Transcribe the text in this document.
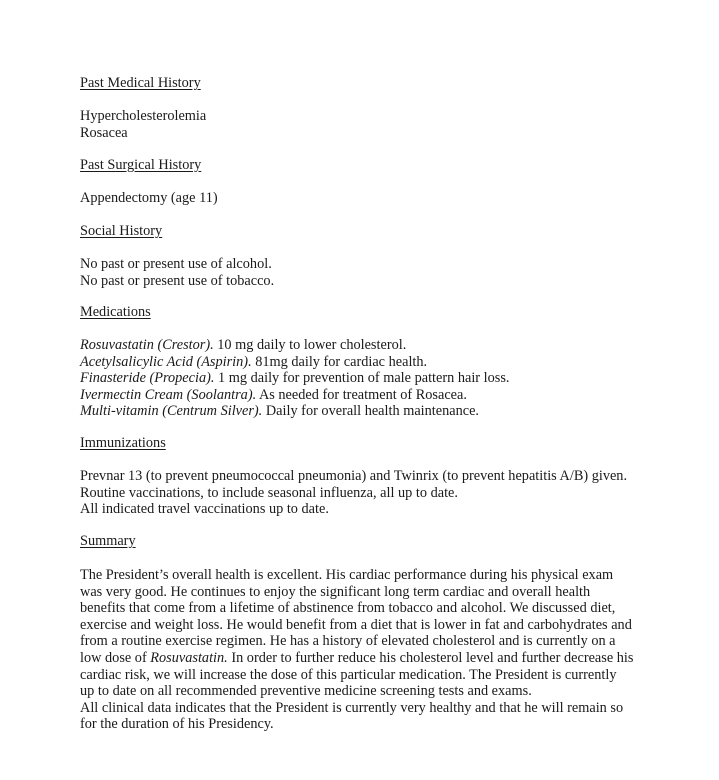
Past Medical History
Hypercholesterolemia
Rosacea
Past Surgical History
Appendectomy (age 11)
Social History
No past or present use of alcohol.
No past or present use of tobacco.
Medications
Rosuvastatin (Crestor). 10 mg daily to lower cholesterol.
Acetylsalicylic Acid (Aspirin). 81mg daily for cardiac health.
Finasteride (Propecia). 1 mg daily for prevention of male pattern hair loss.
Ivermectin Cream (Soolantra). As needed for treatment of Rosacea.
Multi-vitamin (Centrum Silver). Daily for overall health maintenance.
Immunizations
Prevnar 13 (to prevent pneumococcal pneumonia) and Twinrix (to prevent hepatitis A/B) given.
Routine vaccinations, to include seasonal influenza, all up to date.
All indicated travel vaccinations up to date.
Summary
The President’s overall health is excellent. His cardiac performance during his physical exam
was very good. He continues to enjoy the significant long term cardiac and overall health
benefits that come from a lifetime of abstinence from tobacco and alcohol. We discussed diet,
exercise and weight loss. He would benefit from a diet that is lower in fat and carbohydrates and
from a routine exercise regimen. He has a history of elevated cholesterol and is currently on a
low dose of Rosuvastatin. In order to further reduce his cholesterol level and further decrease his
cardiac risk, we will increase the dose of this particular medication. The President is currently
up to date on all recommended preventive medicine screening tests and exams.
All clinical data indicates that the President is currently very healthy and that he will remain so
for the duration of his Presidency.
